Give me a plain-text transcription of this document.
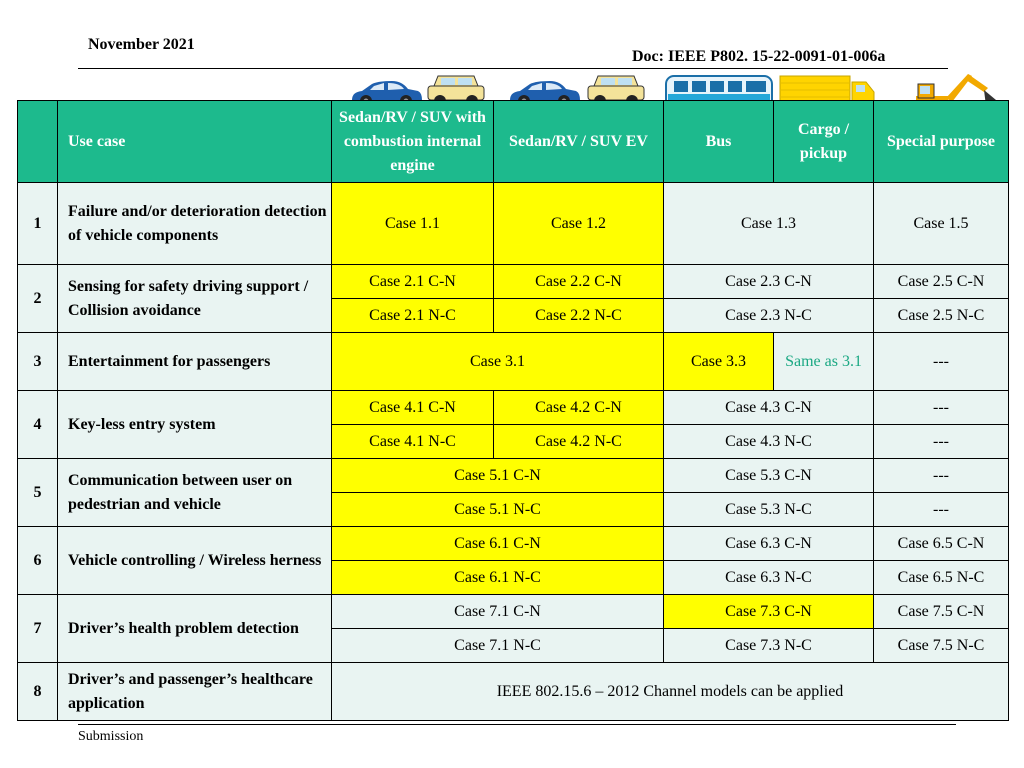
November 2021
Doc: IEEE P802. 15-22-0091-01-006a
	Use case	Sedan/RV / SUV with combustion internal engine	Sedan/RV / SUV EV	Bus	Cargo / pickup	Special purpose
1	Failure and/or deterioration detection of vehicle components	Case 1.1	Case 1.2	Case 1.3		Case 1.5
2	Sensing for safety driving support / Collision avoidance	Case 2.1 C-N	Case 2.2 C-N	Case 2.3 C-N		Case 2.5 C-N
		Case 2.1 N-C	Case 2.2 N-C	Case 2.3 N-C		Case 2.5 N-C
3	Entertainment for passengers	Case 3.1		Case 3.3	Same as 3.1	---
4	Key-less entry system	Case 4.1 C-N	Case 4.2 C-N	Case 4.3 C-N		---
		Case 4.1 N-C	Case 4.2 N-C	Case 4.3 N-C		---
5	Communication between user on pedestrian and vehicle	Case 5.1 C-N		Case 5.3 C-N		---
		Case 5.1 N-C		Case 5.3 N-C		---
6	Vehicle controlling / Wireless herness	Case 6.1 C-N		Case 6.3 C-N		Case 6.5 C-N
		Case 6.1 N-C		Case 6.3 N-C		Case 6.5 N-C
7	Driver’s health problem detection	Case 7.1 C-N		Case 7.3 C-N		Case 7.5 C-N
		Case 7.1 N-C		Case 7.3 N-C		Case 7.5 N-C
8	Driver’s and passenger’s healthcare application	IEEE 802.15.6 – 2012 Channel models can be applied				
Submission
